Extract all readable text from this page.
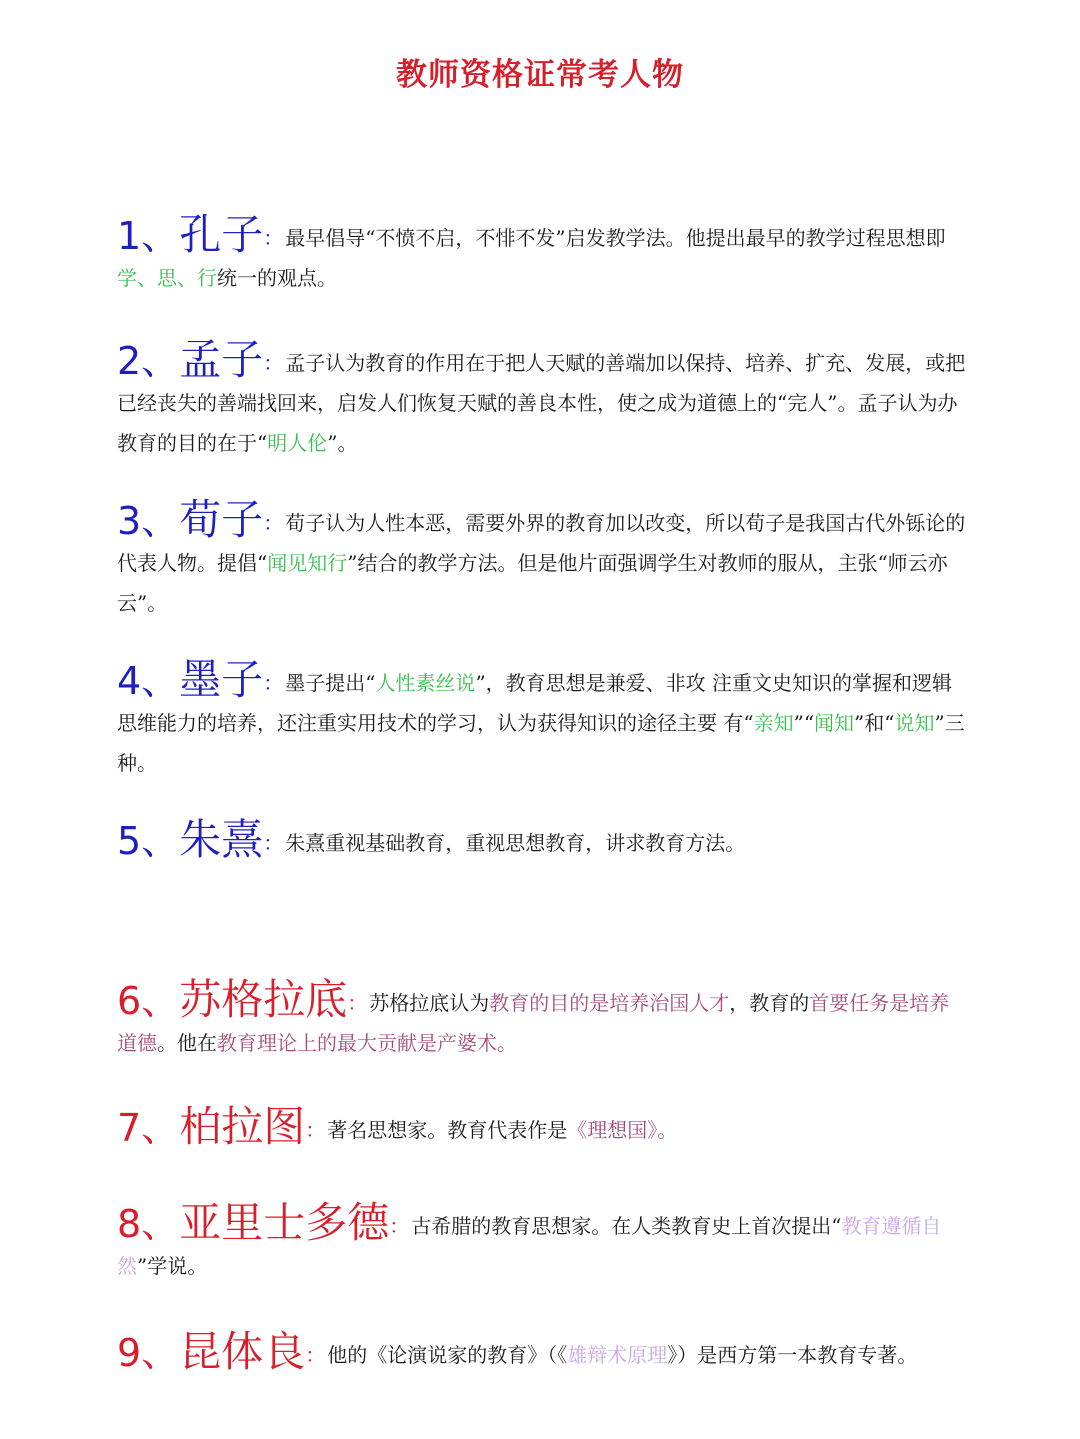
教师资格证常考人物
1、孔子： 最早倡导“不愤不启，不悱不发”启发教学法。他提出最早的教学过程思想即学、思、行统一的观点。
2、孟子： 孟子认为教育的作用在于把人天赋的善端加以保持、培养、扩充、发展，或把已经丧失的善端找回来，启发人们恢复天赋的善良本性，使之成为道德上的“完人”。孟子认为办教育的目的在于“明人伦”。
3、荀子： 荀子认为人性本恶，需要外界的教育加以改变，所以荀子是我国古代外铄论的代表人物。提倡“闻见知行”结合的教学方法。但是他片面强调学生对教师的服从，主张“师云亦云”。
4、墨子： 墨子提出“人性素丝说”，教育思想是兼爱、非攻 注重文史知识的掌握和逻辑思维能力的培养，还注重实用技术的学习，认为获得知识的途径主要 有“亲知”“闻知”和“说知”三种。
5、朱熹： 朱熹重视基础教育，重视思想教育，讲求教育方法。
6、苏格拉底： 苏格拉底认为教育的目的是培养治国人才，教育的首要任务是培养道德。他在教育理论上的最大贡献是产婆术。
7、柏拉图： 著名思想家。教育代表作是《理想国》。
8、亚里士多德： 古希腊的教育思想家。在人类教育史上首次提出“教育遵循自然”学说。
9、昆体良： 他的《论演说家的教育》（《雄辩术原理》）是西方第一本教育专著。
